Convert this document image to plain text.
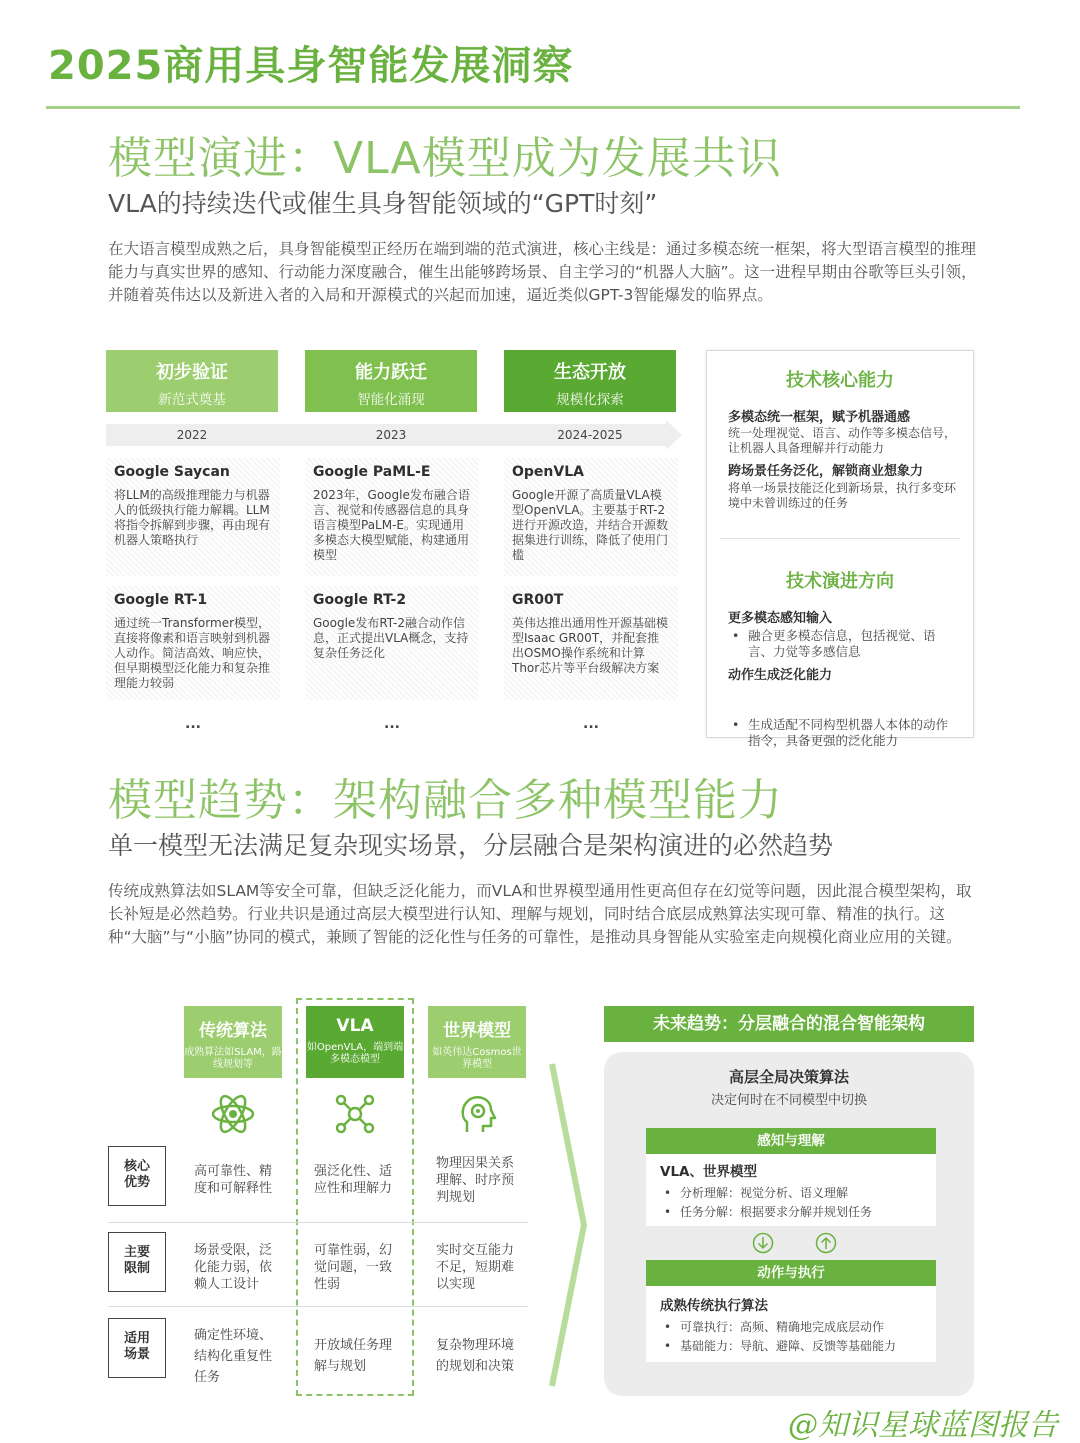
2025商用具身智能发展洞察
模型演进：VLA模型成为发展共识
VLA的持续迭代或催生具身智能领域的“GPT时刻”
在大语言模型成熟之后，具身智能模型正经历在端到端的范式演进，核心主线是：通过多模态统一框架，将大型语言模型的推理能力与真实世界的感知、行动能力深度融合，催生出能够跨场景、自主学习的“机器人大脑”。这一进程早期由谷歌等巨头引领，并随着英伟达以及新进入者的入局和开源模式的兴起而加速，逼近类似GPT-3智能爆发的临界点。
初步验证
新范式奠基
能力跃迁
智能化涌现
生态开放
规模化探索
2022	2023	2024-2025
Google Saycan
将LLM的高级推理能力与机器人的低级执行能力解耦。LLM将指令拆解到步骤，再由现有机器人策略执行
Google PaML-E
2023年，Google发布融合语言、视觉和传感器信息的具身语言模型PaLM-E。实现通用多模态大模型赋能，构建通用模型
OpenVLA
Google开源了高质量VLA模型OpenVLA。主要基于RT-2进行开源改造，并结合开源数据集进行训练，降低了使用门槛
Google RT-1
通过统一Transformer模型，直接将像素和语言映射到机器人动作。简洁高效、响应快，但早期模型泛化能力和复杂推理能力较弱
Google RT-2
Google发布RT-2融合动作信息，正式提出VLA概念，支持复杂任务泛化
GR00T
英伟达推出通用性开源基础模型Isaac GR00T，并配套推出OSMO操作系统和计算Thor芯片等平台级解决方案
...	...	...
技术核心能力
多模态统一框架，赋予机器通感
统一处理视觉、语言、动作等多模态信号，让机器人具备理解并行动能力
跨场景任务泛化，解锁商业想象力
将单一场景技能泛化到新场景，执行多变环境中未曾训练过的任务
技术演进方向
更多模态感知输入
• 融合更多模态信息，包括视觉、语言、力觉等多感信息
动作生成泛化能力
• 生成适配不同构型机器人本体的动作指令，具备更强的泛化能力
模型趋势：架构融合多种模型能力
单一模型无法满足复杂现实场景，分层融合是架构演进的必然趋势
传统成熟算法如SLAM等安全可靠，但缺乏泛化能力，而VLA和世界模型通用性更高但存在幻觉等问题，因此混合模型架构，取长补短是必然趋势。行业共识是通过高层大模型进行认知、理解与规划，同时结合底层成熟算法实现可靠、精准的执行。这种“大脑”与“小脑”协同的模式，兼顾了智能的泛化性与任务的可靠性，是推动具身智能从实验室走向规模化商业应用的关键。
传统算法
成熟算法如SLAM，路线规划等
VLA
如OpenVLA，端到端多模态模型
世界模型
如英伟达Cosmos世界模型
核心优势
高可靠性、精度和可解释性
强泛化性、适应性和理解力
物理因果关系理解、时序预判规划
主要限制
场景受限，泛化能力弱，依赖人工设计
可靠性弱，幻觉问题，一致性弱
实时交互能力不足，短期难以实现
适用场景
确定性环境、结构化重复性任务
开放域任务理解与规划
复杂物理环境的规划和决策
未来趋势：分层融合的混合智能架构
高层全局决策算法
决定何时在不同模型中切换
感知与理解
VLA、世界模型
• 分析理解：视觉分析、语义理解
• 任务分解：根据要求分解并规划任务
动作与执行
成熟传统执行算法
• 可靠执行：高频、精确地完成底层动作
• 基础能力：导航、避障、反馈等基础能力
@知识星球蓝图报告
